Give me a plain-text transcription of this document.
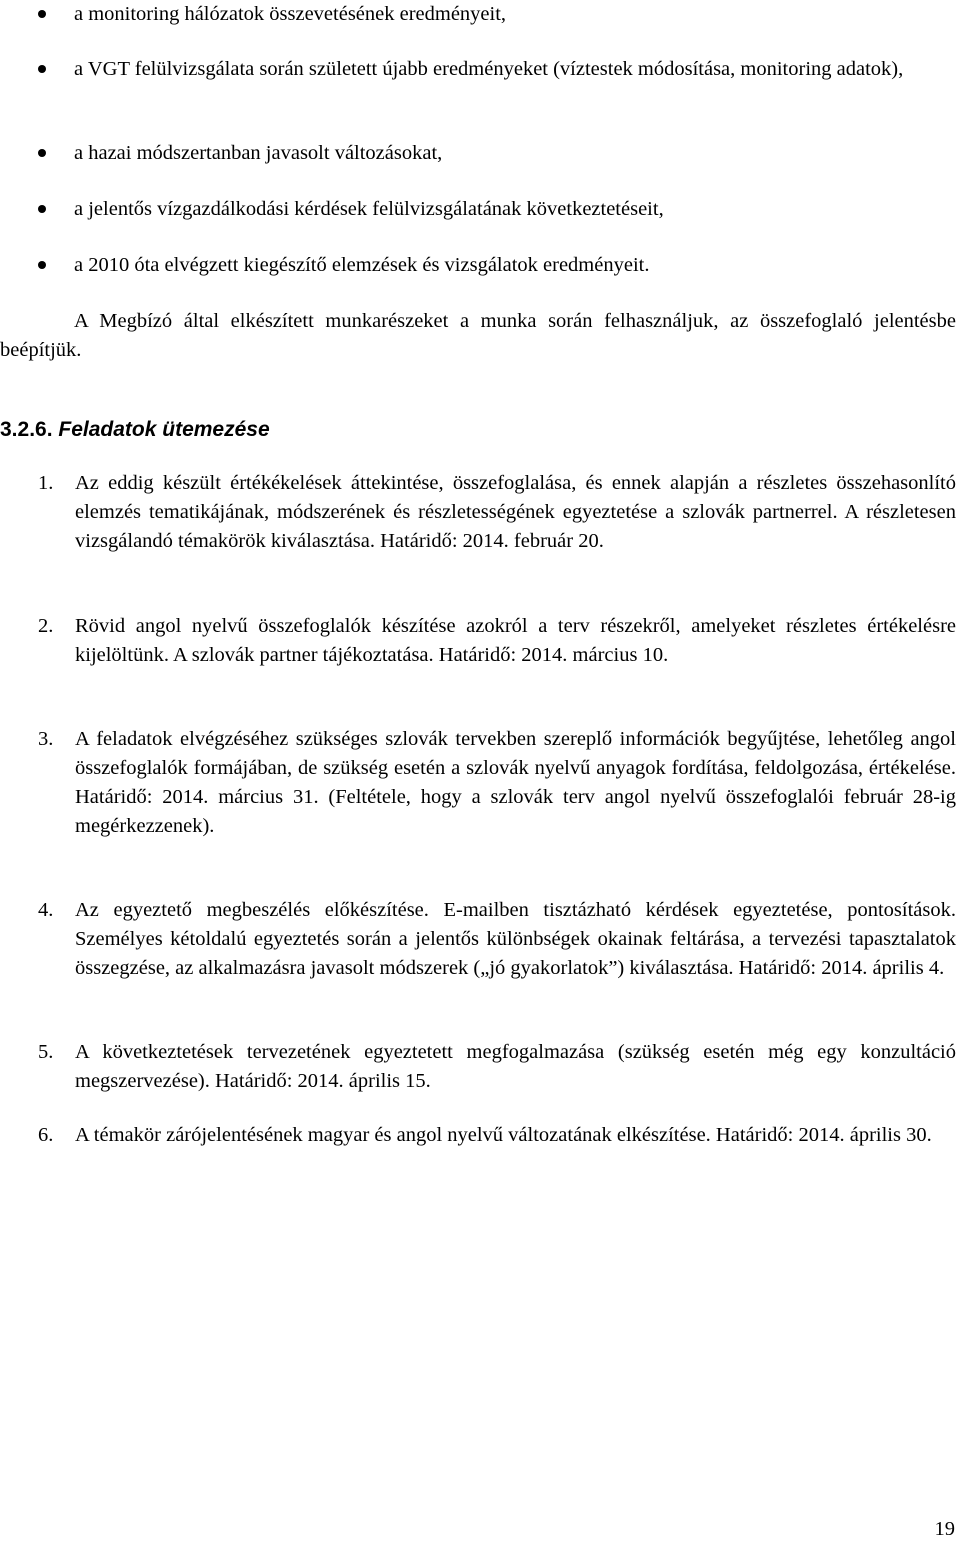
a monitoring hálózatok összevetésének eredményeit,
a VGT felülvizsgálata során született újabb eredményeket (víztestek módosítása, monitoring adatok),
a hazai módszertanban javasolt változásokat,
a jelentős vízgazdálkodási kérdések felülvizsgálatának következtetéseit,
a 2010 óta elvégzett kiegészítő elemzések és vizsgálatok eredményeit.
A Megbízó által elkészített munkarészeket a munka során felhasználjuk, az összefoglaló jelentésbe beépítjük.
3.2.6. Feladatok ütemezése
1.	Az eddig készült értékékelések áttekintése, összefoglalása, és ennek alapján a részletes összehasonlító elemzés tematikájának, módszerének és részletességének egyeztetése a szlovák partnerrel. A részletesen vizsgálandó témakörök kiválasztása. Határidő: 2014. február 20.
2.	Rövid angol nyelvű összefoglalók készítése azokról a terv részekről, amelyeket részletes értékelésre kijelöltünk. A szlovák partner tájékoztatása. Határidő: 2014. március 10.
3.	A feladatok elvégzéséhez szükséges szlovák tervekben szereplő információk begyűjtése, lehetőleg angol összefoglalók formájában, de szükség esetén a szlovák nyelvű anyagok fordítása, feldolgozása, értékelése. Határidő: 2014. március 31. (Feltétele, hogy a szlovák terv angol nyelvű összefoglalói február 28-ig megérkezzenek).
4.	Az egyeztető megbeszélés előkészítése. E-mailben tisztázható kérdések egyeztetése, pontosítások. Személyes kétoldalú egyeztetés során a jelentős különbségek okainak feltárása, a tervezési tapasztalatok összegzése, az alkalmazásra javasolt módszerek („jó gyakorlatok”) kiválasztása. Határidő: 2014. április 4.
5.	A következtetések tervezetének egyeztetett megfogalmazása (szükség esetén még egy konzultáció megszervezése). Határidő: 2014. április 15.
6.	A témakör zárójelentésének magyar és angol nyelvű változatának elkészítése. Határidő: 2014. április 30.
19
